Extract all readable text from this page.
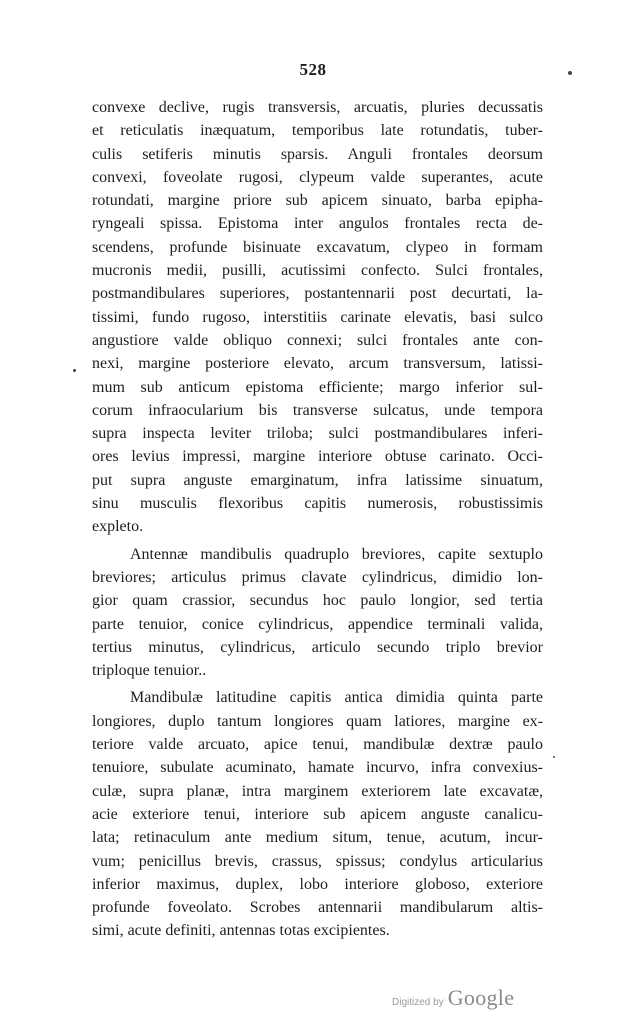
528
convexe declive, rugis transversis, arcuatis, pluries decussatis
et reticulatis inæquatum, temporibus late rotundatis, tuber-
culis setiferis minutis sparsis. Anguli frontales deorsum
convexi, foveolate rugosi, clypeum valde superantes, acute
rotundati, margine priore sub apicem sinuato, barba epipha-
ryngeali spissa. Epistoma inter angulos frontales recta de-
scendens, profunde bisinuate excavatum, clypeo in formam
mucronis medii, pusilli, acutissimi confecto. Sulci frontales,
postmandibulares superiores, postantennarii post decurtati, la-
tissimi, fundo rugoso, interstitiis carinate elevatis, basi sulco
angustiore valde obliquo connexi; sulci frontales ante con-
nexi, margine posteriore elevato, arcum transversum, latissi-
mum sub anticum epistoma efficiente; margo inferior sul-
corum infraocularium bis transverse sulcatus, unde tempora
supra inspecta leviter triloba; sulci postmandibulares inferi-
ores levius impressi, margine interiore obtuse carinato. Occi-
put supra anguste emarginatum, infra latissime sinuatum,
sinu musculis flexoribus capitis numerosis, robustissimis
expleto.
Antennæ mandibulis quadruplo breviores, capite sextuplo
breviores; articulus primus clavate cylindricus, dimidio lon-
gior quam crassior, secundus hoc paulo longior, sed tertia
parte tenuior, conice cylindricus, appendice terminali valida,
tertius minutus, cylindricus, articulo secundo triplo brevior
triploque tenuior..
Mandibulæ latitudine capitis antica dimidia quinta parte
longiores, duplo tantum longiores quam latiores, margine ex-
teriore valde arcuato, apice tenui, mandibulæ dextræ paulo
tenuiore, subulate acuminato, hamate incurvo, infra convexius-
culæ, supra planæ, intra marginem exteriorem late excavatæ,
acie exteriore tenui, interiore sub apicem anguste canalicu-
lata; retinaculum ante medium situm, tenue, acutum, incur-
vum; penicillus brevis, crassus, spissus; condylus articularius
inferior maximus, duplex, lobo interiore globoso, exteriore
profunde foveolato. Scrobes antennarii mandibularum altis-
simi, acute definiti, antennas totas excipientes.
Digitized by Google
